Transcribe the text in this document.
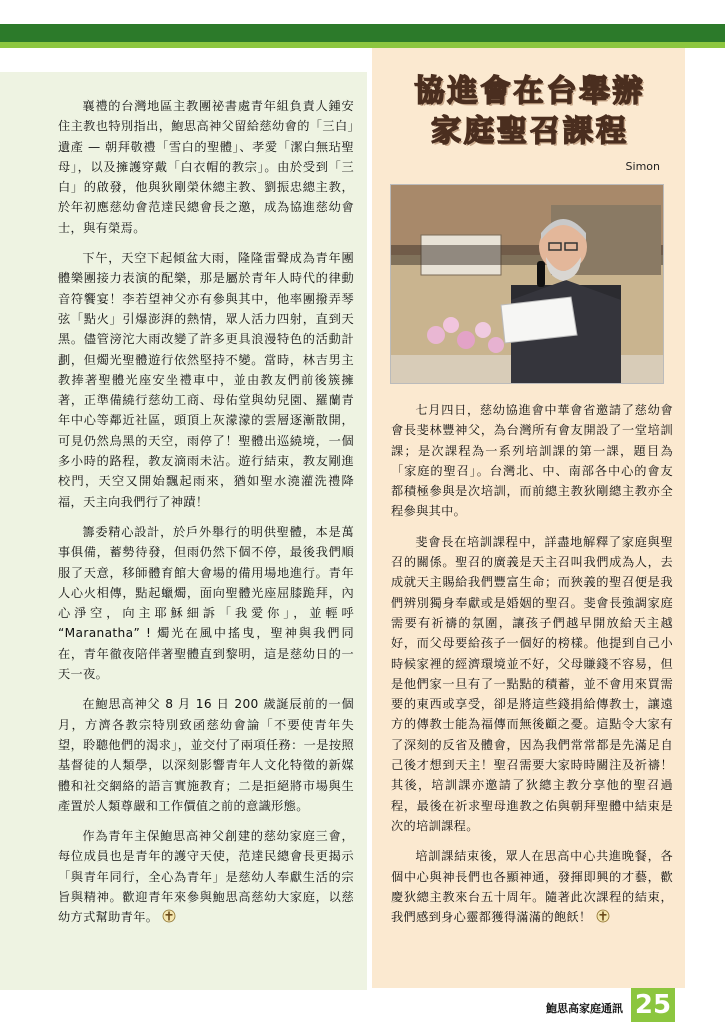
襄禮的台灣地區主教團祕書處青年組負責人鍾安住主教也特別指出，鮑思高神父留給慈幼會的「三白」遺產 — 朝拜敬禮「雪白的聖體」、孝愛「潔白無玷聖母」，以及擁護穿戴「白衣帽的教宗」。由於受到「三白」的啟發，他與狄剛榮休總主教、劉振忠總主教，於年初應慈幼會范達民總會長之邀，成為協進慈幼會士，與有榮焉。

下午，天空下起傾盆大雨，隆隆雷聲成為青年團體樂團接力表演的配樂，那是屬於青年人時代的律動音符饗宴！李若望神父亦有參與其中，他率團撥弄琴弦「點火」引爆澎湃的熱情，眾人活力四射，直到天黑。儘管滂沱大雨改變了許多更具浪漫特色的活動計劃，但燭光聖體遊行依然堅持不變。當時，林吉男主教捧著聖體光座安坐禮車中，並由教友們前後簇擁著，正準備繞行慈幼工商、母佑堂與幼兒園、羅蘭青年中心等鄰近社區，頭頂上灰濛濛的雲層逐漸散開，可見仍然烏黑的天空，雨停了！聖體出巡繞境，一個多小時的路程，教友滴雨未沾。遊行結束，教友剛進校門，天空又開始飄起雨來，猶如聖水澆灌洗禮降福，天主向我們行了神蹟！

籌委精心設計，於戶外舉行的明供聖體，本是萬事俱備，蓄勢待發，但雨仍然下個不停，最後我們順服了天意，移師體育館大會場的備用場地進行。青年人心火相傳，點起蠟燭，面向聖體光座屈膝跪拜，內心淨空，向主耶穌細訴「我愛你」，並輕呼 “Maranatha” ! 燭光在風中搖曳，聖神與我們同在，青年徹夜陪伴著聖體直到黎明，這是慈幼日的一天一夜。

在鮑思高神父 8 月 16 日 200 歲誕辰前的一個月，方濟各教宗特別致函慈幼會論「不要使青年失望，聆聽他們的渴求」，並交付了兩項任務：一是按照基督徒的人類學，以深刻影響青年人文化特徵的新媒體和社交網絡的語言實施教育；二是拒絕將市場與生產置於人類尊嚴和工作價值之前的意識形態。

作為青年主保鮑思高神父創建的慈幼家庭三會，每位成員也是青年的護守天使，范達民總會長更揭示「與青年同行，全心為青年」是慈幼人奉獻生活的宗旨與精神。歡迎青年來參與鮑思高慈幼大家庭，以慈幼方式幫助青年。

協進會在台舉辦
家庭聖召課程
Simon

七月四日，慈幼協進會中華會省邀請了慈幼會會長斐林豐神父，為台灣所有會友開設了一堂培訓課；是次課程為一系列培訓課的第一課，題目為「家庭的聖召」。台灣北、中、南部各中心的會友都積極參與是次培訓，而前總主教狄剛總主教亦全程參與其中。

斐會長在培訓課程中，詳盡地解釋了家庭與聖召的關係。聖召的廣義是天主召叫我們成為人，去成就天主賜給我們豐富生命；而狹義的聖召便是我們辨別獨身奉獻或是婚姻的聖召。斐會長強調家庭需要有祈禱的氛圍，讓孩子們越早開放給天主越好，而父母要給孩子一個好的榜樣。他提到自己小時候家裡的經濟環境並不好，父母賺錢不容易，但是他們家一旦有了一點點的積蓄，並不會用來買需要的東西或享受，卻是將這些錢捐給傳教士，讓遠方的傳教士能為福傳而無後顧之憂。這點令大家有了深刻的反省及體會，因為我們常常都是先滿足自己後才想到天主！聖召需要大家時時關注及祈禱！其後，培訓課亦邀請了狄總主教分享他的聖召過程，最後在祈求聖母進教之佑與朝拜聖體中結束是次的培訓課程。

培訓課結束後，眾人在思高中心共進晚餐，各個中心與神長們也各顯神通，發揮即興的才藝，歡慶狄總主教來台五十周年。隨著此次課程的結束，我們感到身心靈都獲得滿滿的飽飫！

鮑思高家庭通訊 25
